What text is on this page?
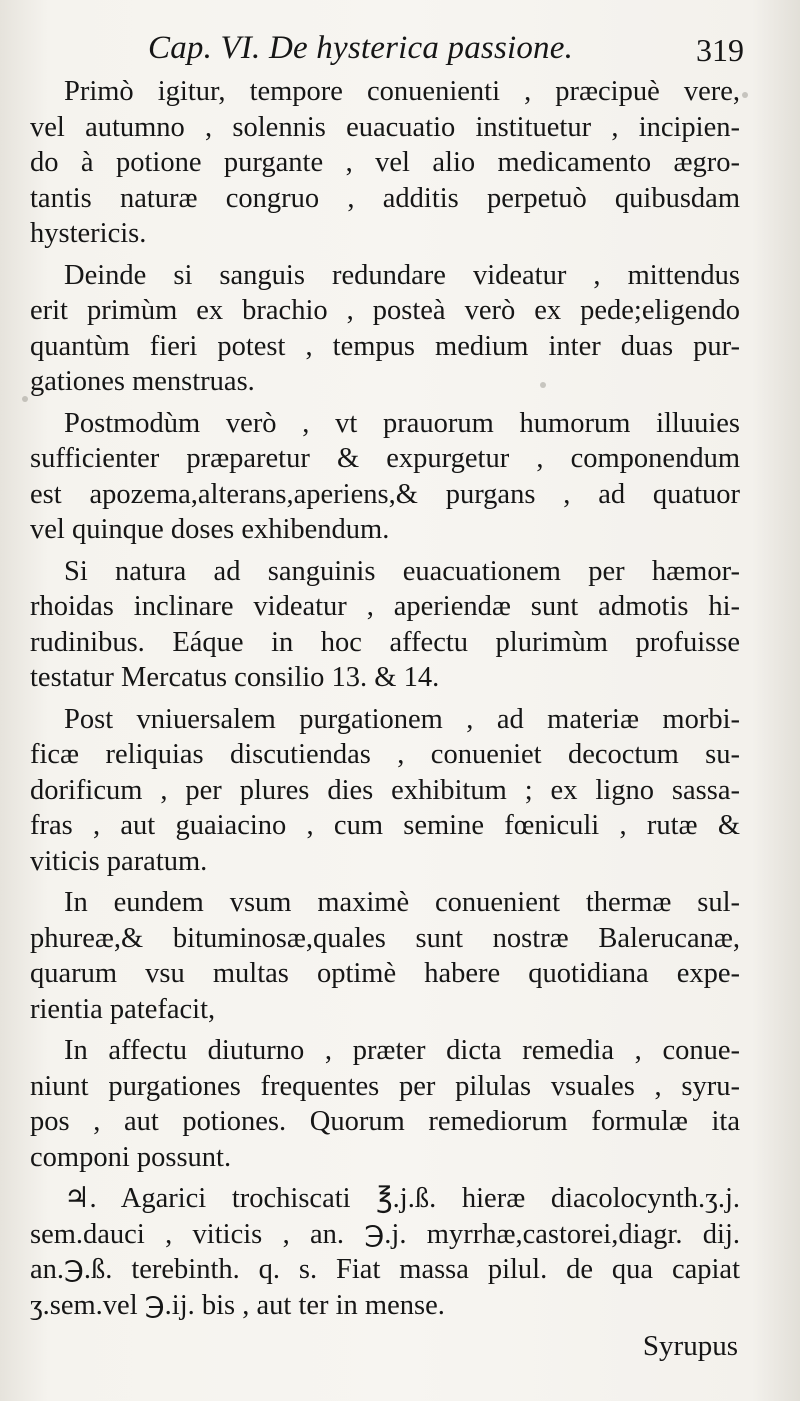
Cap. VI. De hysterica passione.	319
Primò igitur, tempore conuenienti , præcipuè vere,
vel autumno , solennis euacuatio instituetur , incipien-
do à potione purgante , vel alio medicamento ægro-
tantis naturæ congruo , additis perpetuò quibusdam
hystericis.
Deinde si sanguis redundare videatur , mittendus
erit primùm ex brachio , posteà verò ex pede;eligendo
quantùm fieri potest , tempus medium inter duas pur-
gationes menstruas.
Postmodùm verò , vt prauorum humorum illuuies
sufficienter præparetur & expurgetur , componendum
est apozema,alterans,aperiens,& purgans , ad quatuor
vel quinque doses exhibendum.
Si natura ad sanguinis euacuationem per hæmor-
rhoidas inclinare videatur , aperiendæ sunt admotis hi-
rudinibus. Eáque in hoc affectu plurimùm profuisse
testatur Mercatus consilio 13. & 14.
Post vniuersalem purgationem , ad materiæ morbi-
ficæ reliquias discutiendas , conueniet decoctum su-
dorificum , per plures dies exhibitum ; ex ligno sassa-
fras , aut guaiacino , cum semine fœniculi , rutæ &
viticis paratum.
In eundem vsum maximè conuenient thermæ sul-
phureæ,& bituminosæ,quales sunt nostræ Balerucanæ,
quarum vsu multas optimè habere quotidiana expe-
rientia patefacit,
In affectu diuturno , præter dicta remedia , conue-
niunt purgationes frequentes per pilulas vsuales , syru-
pos , aut potiones. Quorum remediorum formulæ ita
componi possunt.
♃. Agarici trochiscati ℥.j.ß. hieræ diacolocynth.ʒ.j.
sem.dauci , viticis , an. ℈.j. myrrhæ,castorei,diagr. dij.
an.℈.ß. terebinth. q. s. Fiat massa pilul. de qua capiat
ʒ.sem.vel ℈.ij. bis , aut ter in mense.
Syrupus
